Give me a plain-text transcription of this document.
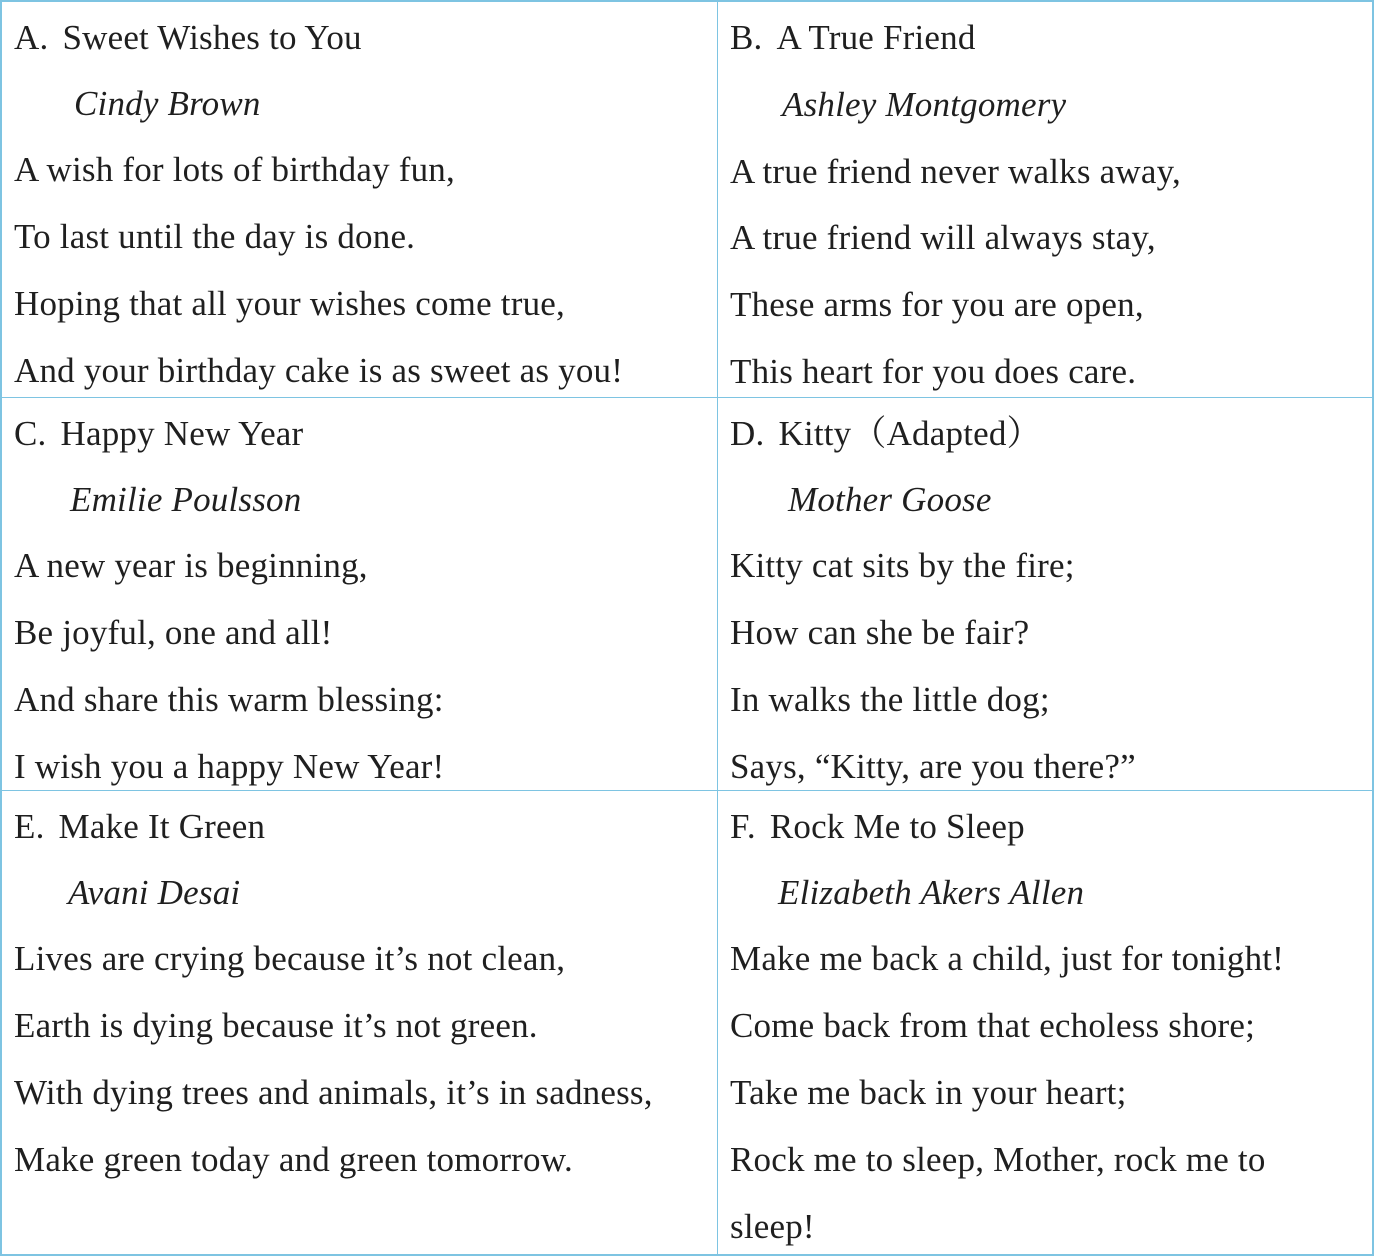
A. Sweet Wishes to You
Cindy Brown
A wish for lots of birthday fun,
To last until the day is done.
Hoping that all your wishes come true,
And your birthday cake is as sweet as you!
B. A True Friend
Ashley Montgomery
A true friend never walks away,
A true friend will always stay,
These arms for you are open,
This heart for you does care.
C. Happy New Year
Emilie Poulsson
A new year is beginning,
Be joyful, one and all!
And share this warm blessing:
I wish you a happy New Year!
D. Kitty（Adapted）
Mother Goose
Kitty cat sits by the fire;
How can she be fair?
In walks the little dog;
Says, “Kitty, are you there?”
E. Make It Green
Avani Desai
Lives are crying because it’s not clean,
Earth is dying because it’s not green.
With dying trees and animals, it’s in sadness,
Make green today and green tomorrow.
F. Rock Me to Sleep
Elizabeth Akers Allen
Make me back a child, just for tonight!
Come back from that echoless shore;
Take me back in your heart;
Rock me to sleep, Mother, rock me to
sleep!
